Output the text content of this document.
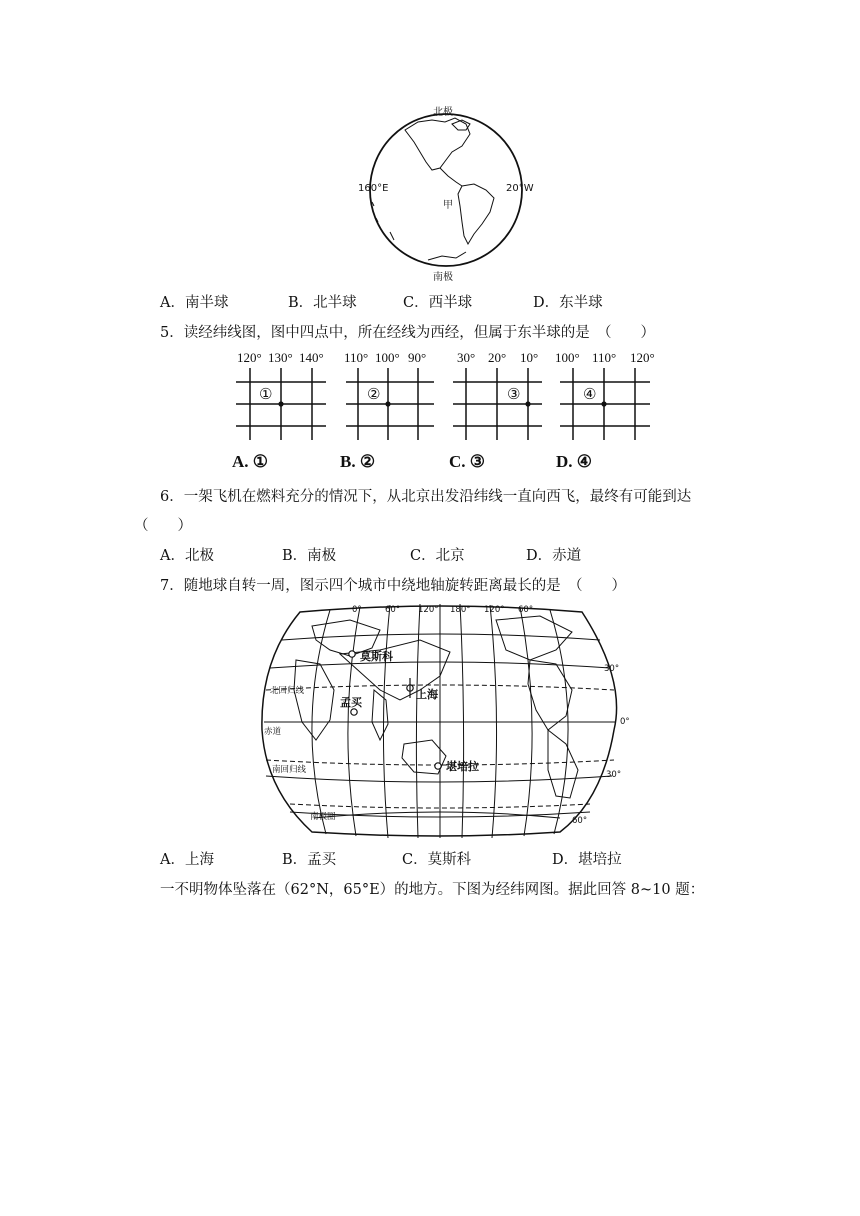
北极
南极
160°E	20°W
甲
A．南半球	B．北半球	C．西半球	D．东半球
5．读经纬线图，图中四点中，所在经线为西经，但属于东半球的是　（　　）
120° 130° 140°
①
A. ①
110° 100° 90°
②
B. ②
30° 20° 10°
③
C. ③
100° 110° 120°
④
D. ④
6．一架飞机在燃料充分的情况下，从北京出发沿纬线一直向西飞，最终有可能到达
（　　）
A．北极	B．南极	C．北京	D．赤道
7．随地球自转一周，图示四个城市中绕地轴旋转距离最长的是　（　　）
0°	60° 120° 180° 120° 60°
30°
0°
30°
60°
北回归线
赤道
南回归线
南极圈
莫斯科
上海
孟买
堪培拉
A．上海	B．孟买	C．莫斯科	D．堪培拉
一不明物体坠落在（62°N，65°E）的地方。下图为经纬网图。据此回答 8~10 题：
